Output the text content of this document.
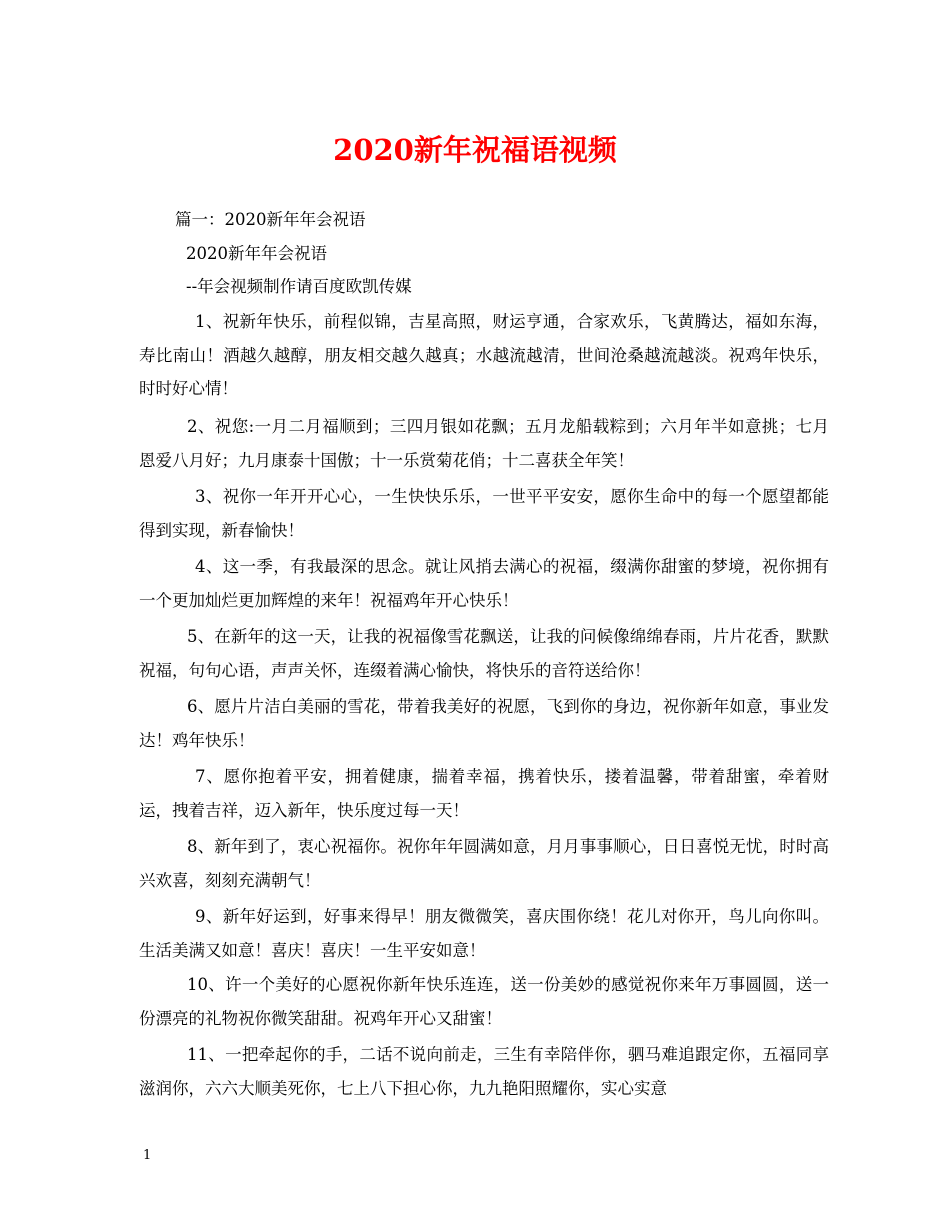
2020新年祝福语视频
篇一：2020新年年会祝语
2020新年年会祝语
--年会视频制作请百度欧凯传媒
1、祝新年快乐，前程似锦，吉星高照，财运亨通，合家欢乐，飞黄腾达，福如东海，寿比南山！酒越久越醇，朋友相交越久越真；水越流越清，世间沧桑越流越淡。祝鸡年快乐，时时好心情！
2、祝您:一月二月福顺到；三四月银如花飘；五月龙船载粽到；六月年半如意挑；七月恩爱八月好；九月康泰十国傲；十一乐赏菊花俏；十二喜获全年笑！
3、祝你一年开开心心，一生快快乐乐，一世平平安安，愿你生命中的每一个愿望都能得到实现，新春愉快！
4、这一季，有我最深的思念。就让风捎去满心的祝福，缀满你甜蜜的梦境，祝你拥有一个更加灿烂更加辉煌的来年！祝福鸡年开心快乐！
5、在新年的这一天，让我的祝福像雪花飘送，让我的问候像绵绵春雨，片片花香，默默祝福，句句心语，声声关怀，连缀着满心愉快，将快乐的音符送给你！
6、愿片片洁白美丽的雪花，带着我美好的祝愿，飞到你的身边，祝你新年如意，事业发达！鸡年快乐！
7、愿你抱着平安，拥着健康，揣着幸福，携着快乐，搂着温馨，带着甜蜜，牵着财运，拽着吉祥，迈入新年，快乐度过每一天！
8、新年到了，衷心祝福你。祝你年年圆满如意，月月事事顺心，日日喜悦无忧，时时高兴欢喜，刻刻充满朝气！
9、新年好运到，好事来得早！朋友微微笑，喜庆围你绕！花儿对你开，鸟儿向你叫。生活美满又如意！喜庆！喜庆！一生平安如意！
10、许一个美好的心愿祝你新年快乐连连，送一份美妙的感觉祝你来年万事圆圆，送一份漂亮的礼物祝你微笑甜甜。祝鸡年开心又甜蜜！
11、一把牵起你的手，二话不说向前走，三生有幸陪伴你，驷马难追跟定你，五福同享滋润你，六六大顺美死你，七上八下担心你，九九艳阳照耀你，实心实意
1
